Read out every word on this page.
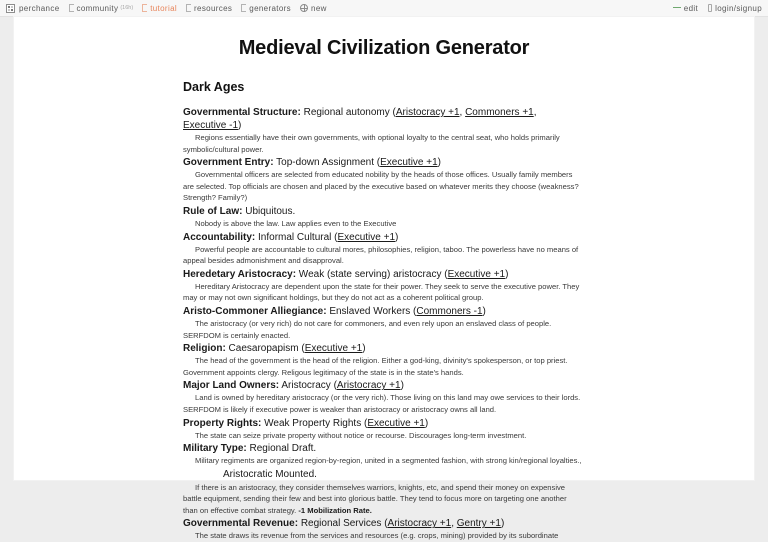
perchance community (16h) tutorial resources generators	new	edit login/signup
Medieval Civilization Generator
Dark Ages
Governmental Structure: Regional autonomy (Aristocracy +1, Commoners +1, Executive -1)
Regions essentially have their own governments, with optional loyalty to the central seat, who holds primarily symbolic/cultural power.
Government Entry: Top-down Assignment (Executive +1)
Governmental officers are selected from educated nobility by the heads of those offices. Usually family members are selected. Top officials are chosen and placed by the executive based on whatever merits they choose (weakness? Strength? Family?)
Rule of Law: Ubiquitous.
Nobody is above the law. Law applies even to the Executive
Accountability: Informal Cultural (Executive +1)
Powerful people are accountable to cultural mores, philosophies, religion, taboo. The powerless have no means of appeal besides admonishment and disapproval.
Heredetary Aristocracy: Weak (state serving) aristocracy (Executive +1)
Hereditary Aristocracy are dependent upon the state for their power. They seek to serve the executive power. They may or may not own significant holdings, but they do not act as a coherent political group.
Aristo-Commoner Alliegiance: Enslaved Workers (Commoners -1)
The aristocracy (or very rich) do not care for commoners, and even rely upon an enslaved class of people. SERFDOM is certainly enacted.
Religion: Caesaropapism (Executive +1)
The head of the government is the head of the religion. Either a god-king, divinity's spokesperson, or top priest. Government appoints clergy. Religous legitimacy of the state is in the state's hands.
Major Land Owners: Aristocracy (Aristocracy +1)
Land is owned by hereditary aristocracy (or the very rich). Those living on this land may owe services to their lords. SERFDOM is likely if executive power is weaker than aristocracy or aristocracy owns all land.
Property Rights: Weak Property Rights (Executive +1)
The state can seize private property without notice or recourse. Discourages long-term investment.
Military Type: Regional Draft.
Military regiments are organized region-by-region, united in a segmented fashion, with strong kin/regional loyalties.,
Aristocratic Mounted.
If there is an aristocracy, they consider themselves warriors, knights, etc, and spend their money on expensive battle equipment, sending their few and best into glorious battle. They tend to focus more on targeting one another than on effective combat strategy. -1 Mobilization Rate.
Governmental Revenue: Regional Services (Aristocracy +1, Gentry +1)
The state draws its revenue from the services and resources (e.g. crops, mining) provided by its subordinate
